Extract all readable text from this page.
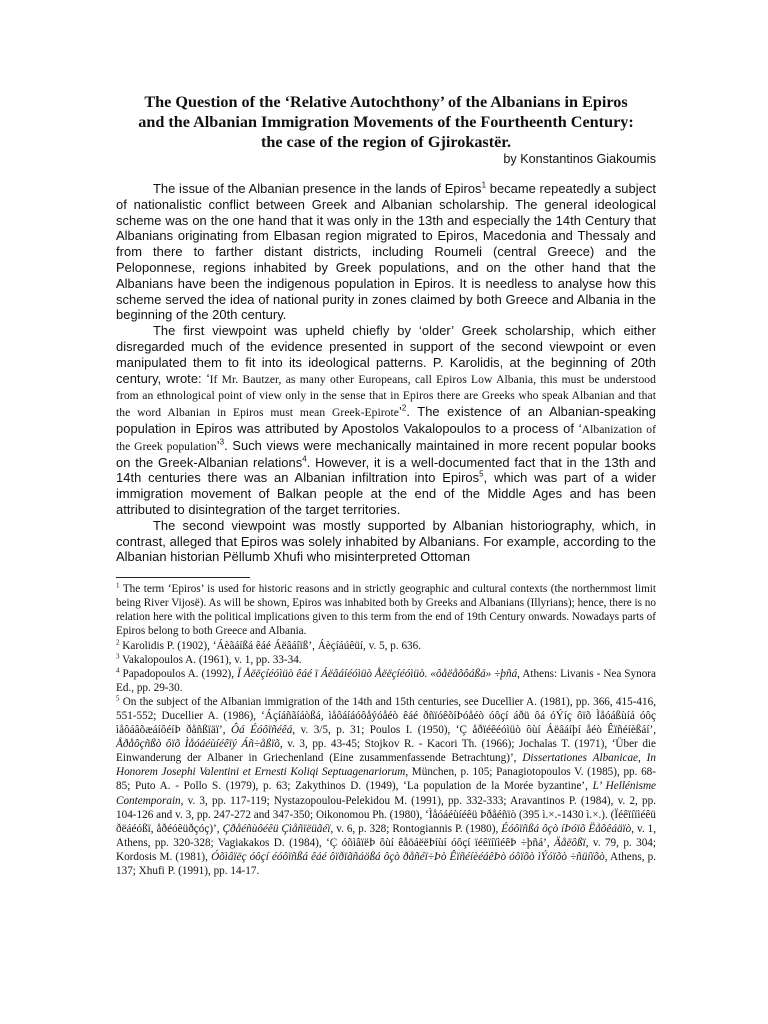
The Question of the ‘Relative Autochthony’ of the Albanians in Epiros
and the Albanian Immigration Movements of the Fourtheenth Century:
the case of the region of Gjirokastër.
by Konstantinos Giakoumis

The issue of the Albanian presence in the lands of Epiros$^1$ became repeatedly a subject of nationalistic conflict between Greek and Albanian scholarship. The general ideological scheme was on the one hand that it was only in the 13th and especially the 14th Century that Albanians originating from Elbasan region migrated to Epiros, Macedonia and Thessaly and from there to farther distant districts, including Roumeli (central Greece) and the Peloponnese, regions inhabited by Greek populations, and on the other hand that the Albanians have been the indigenous population in Epiros. It is needless to analyse how this scheme served the idea of national purity in zones claimed by both Greece and Albania in the beginning of the 20th century.

The first viewpoint was upheld chiefly by ‘older’ Greek scholarship, which either disregarded much of the evidence presented in support of the second viewpoint or even manipulated them to fit into its ideological patterns. P. Karolidis, at the beginning of 20th century, wrote: ‘If Mr. Bautzer, as many other Europeans, call Epiros Low Albania, this must be understood from an ethnological point of view only in the sense that in Epiros there are Greeks who speak Albanian and that the word Albanian in Epiros must mean Greek-Epirote’$^2$. The existence of an Albanian-speaking population in Epiros was attributed by Apostolos Vakalopoulos to a process of ‘Albanization of the Greek population’$^3$. Such views were mechanically maintained in more recent popular books on the Greek-Albanian relations$^4$. However, it is a well-documented fact that in the 13th and 14th centuries there was an Albanian infiltration into Epiros$^5$, which was part of a wider immigration movement of Balkan people at the end of the Middle Ages and has been attributed to disintegration of the target territories.

The second viewpoint was mostly supported by Albanian historiography, which, in contrast, alleged that Epiros was solely inhabited by Albanians. For example, according to the Albanian historian Pëllumb Xhufi who misinterpreted Ottoman

$^1$ The term ‘Epiros’ is used for historic reasons and in strictly geographic and cultural contexts (the northernmost limit being River Vijosë). As will be shown, Epiros was inhabited both by Greeks and Albanians (Illyrians); hence, there is no relation here with the political implications given to this term from the end of 19th Century onwards. Nowadays parts of Epiros belong to both Greece and Albania.

$^2$ Karolidis P. (1902), ‘Áèãáíßá êáé Áëâáíïß’, Áèçíáúêüí, v. 5, p. 636.

$^3$ Vakalopoulos A. (1961), v. 1, pp. 33-34.

$^4$ Papadopoulos A. (1992), Ï Åëëçíéóìüò êáé ï Áëâáíéóìüò Åëëçíéóìüò. «ôåëåõôáßá» ÷þñá, Athens: Livanis - Nea Synora Ed., pp. 29-30.

$^5$ On the subject of the Albanian immigration of the 14th and 15th centuries, see Ducellier A. (1981), pp. 366, 415-416, 551-552; Ducellier A. (1986), ‘Áçíáñãíáòßá, ìåôáíáóôåýóåéò êáé ðñïóêõíÞóåéò óôçí áðü ôá óÝíç ôïõ Ìåóáßùíá óôç ìåôáâõæáíôéíÞ ðåñßïäï’, Ôá Éóôïñéêá, v. 3/5, p. 31; Poulos I. (1950), ‘Ç åðïéêéóìüò ôùí Áëâáíþí åéò Êïñéíèßáí’, Åðåôçñßò ôïõ Ìåóáéùíéêïý Áñ÷åßïõ, v. 3, pp. 43-45; Stojkov R. - Kacori Th. (1966); Jochalas T. (1971), ‘Über die Einwanderung der Albaner in Griechenland (Eine zusammenfassende Betrachtung)’, Dissertationes Albanicae, In Honorem Josephi Valentini et Ernesti Koliqi Septuagenariorum, München, p. 105; Panagiotopoulos V. (1985), pp. 68-85; Puto A. - Pollo S. (1979), p. 63; Zakythinos D. (1949), ‘La population de la Morée byzantine’, L’ Hellénisme Contemporain, v. 3, pp. 117-119; Nystazopoulou-Pelekidou M. (1991), pp. 332-333; Aravantinos P. (1984), v. 2, pp. 104-126 and v. 3, pp. 247-272 and 347-350; Oikonomou Ph. (1980), ‘Ìåóáéùíéêü Þðåéñïò (395 ì.×.-1430 ì.×.). (Ïéêïíïìéêü ðëáéóßï, åðéóêüðçóç)’, Çðåéñùôéêü Çìåñïëüãéï, v. 6, p. 328; Rontogiannis P. (1980), Éóôïñßá ôçò íÞóïõ Ëåõêáäïò, v. 1, Athens, pp. 320-328; Vagiakakos D. (1984), ‘Ç óõìâïëÞ ôùí êåöáëëÞíùí óôçí ïéêïíïìéêÞ ÷þñá’, Äåëôßï, v. 79, p. 304; Kordosis M. (1981), Óõìâïëç óôçí éóôïñßá êáé ôïðïãñáößá ôçò ðåñéï÷Þò ÊïñéíèéáêÞò óôïõò ìÝóïõò ÷ñüíïõò, Athens, p. 137; Xhufi P. (1991), pp. 14-17.
